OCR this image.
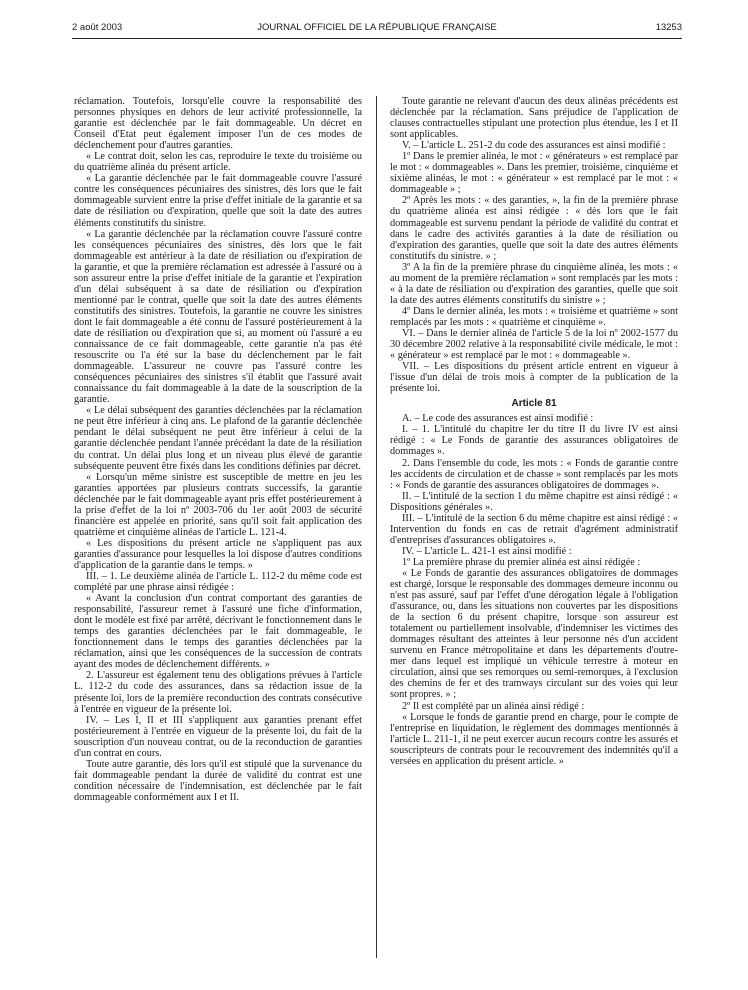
2 août 2003	JOURNAL OFFICIEL DE LA RÉPUBLIQUE FRANÇAISE	13253

réclamation. Toutefois, lorsqu'elle couvre la responsabilité des personnes physiques en dehors de leur activité professionnelle, la garantie est déclenchée par le fait dommageable. Un décret en Conseil d'Etat peut également imposer l'un de ces modes de déclenchement pour d'autres garanties.

« Le contrat doit, selon les cas, reproduire le texte du troisième ou du quatrième alinéa du présent article.

« La garantie déclenchée par le fait dommageable couvre l'assuré contre les conséquences pécuniaires des sinistres, dès lors que le fait dommageable survient entre la prise d'effet initiale de la garantie et sa date de résiliation ou d'expiration, quelle que soit la date des autres éléments constitutifs du sinistre.

« La garantie déclenchée par la réclamation couvre l'assuré contre les conséquences pécuniaires des sinistres, dès lors que le fait dommageable est antérieur à la date de résiliation ou d'expiration de la garantie, et que la première réclamation est adressée à l'assuré ou à son assureur entre la prise d'effet initiale de la garantie et l'expiration d'un délai subséquent à sa date de résiliation ou d'expiration mentionné par le contrat, quelle que soit la date des autres éléments constitutifs des sinistres. Toutefois, la garantie ne couvre les sinistres dont le fait dommageable a été connu de l'assuré postérieurement à la date de résiliation ou d'expiration que si, au moment où l'assuré a eu connaissance de ce fait dommageable, cette garantie n'a pas été resouscrite ou l'a été sur la base du déclenchement par le fait dommageable. L'assureur ne couvre pas l'assuré contre les conséquences pécuniaires des sinistres s'il établit que l'assuré avait connaissance du fait dommageable à la date de la souscription de la garantie.

« Le délai subséquent des garanties déclenchées par la réclamation ne peut être inférieur à cinq ans. Le plafond de la garantie déclenchée pendant le délai subséquent ne peut être inférieur à celui de la garantie déclenchée pendant l'année précédant la date de la résiliation du contrat. Un délai plus long et un niveau plus élevé de garantie subséquente peuvent être fixés dans les conditions définies par décret.

« Lorsqu'un même sinistre est susceptible de mettre en jeu les garanties apportées par plusieurs contrats successifs, la garantie déclenchée par le fait dommageable ayant pris effet postérieurement à la prise d'effet de la loi nº 2003-706 du 1er août 2003 de sécurité financière est appelée en priorité, sans qu'il soit fait application des quatrième et cinquième alinéas de l'article L. 121-4.

« Les dispositions du présent article ne s'appliquent pas aux garanties d'assurance pour lesquelles la loi dispose d'autres conditions d'application de la garantie dans le temps. »

III. – 1. Le deuxième alinéa de l'article L. 112-2 du même code est complété par une phrase ainsi rédigée :

« Avant la conclusion d'un contrat comportant des garanties de responsabilité, l'assureur remet à l'assuré une fiche d'information, dont le modèle est fixé par arrêté, décrivant le fonctionnement dans le temps des garanties déclenchées par le fait dommageable, le fonctionnement dans le temps des garanties déclenchées par la réclamation, ainsi que les conséquences de la succession de contrats ayant des modes de déclenchement différents. »

2. L'assureur est également tenu des obligations prévues à l'article L. 112-2 du code des assurances, dans sa rédaction issue de la présente loi, lors de la première reconduction des contrats consécutive à l'entrée en vigueur de la présente loi.

IV. – Les I, II et III s'appliquent aux garanties prenant effet postérieurement à l'entrée en vigueur de la présente loi, du fait de la souscription d'un nouveau contrat, ou de la reconduction de garanties d'un contrat en cours.

Toute autre garantie, dès lors qu'il est stipulé que la survenance du fait dommageable pendant la durée de validité du contrat est une condition nécessaire de l'indemnisation, est déclenchée par le fait dommageable conformément aux I et II.

Toute garantie ne relevant d'aucun des deux alinéas précédents est déclenchée par la réclamation. Sans préjudice de l'application de clauses contractuelles stipulant une protection plus étendue, les I et II sont applicables.

V. – L'article L. 251-2 du code des assurances est ainsi modifié :

1º Dans le premier alinéa, le mot : « générateurs » est remplacé par le mot : « dommageables ». Dans les premier, troisième, cinquième et sixième alinéas, le mot : « générateur » est remplacé par le mot : « dommageable » ;

2º Après les mots : « des garanties, », la fin de la première phrase du quatrième alinéa est ainsi rédigée : « dès lors que le fait dommageable est survenu pendant la période de validité du contrat et dans le cadre des activités garanties à la date de résiliation ou d'expiration des garanties, quelle que soit la date des autres éléments constitutifs du sinistre. » ;

3º A la fin de la première phrase du cinquième alinéa, les mots : « au moment de la première réclamation » sont remplacés par les mots : « à la date de résiliation ou d'expiration des garanties, quelle que soit la date des autres éléments constitutifs du sinistre » ;

4º Dans le dernier alinéa, les mots : « troisième et quatrième » sont remplacés par les mots : « quatrième et cinquième ».

VI. – Dans le dernier alinéa de l'article 5 de la loi nº 2002-1577 du 30 décembre 2002 relative à la responsabilité civile médicale, le mot : « générateur » est remplacé par le mot : « dommageable ».

VII. – Les dispositions du présent article entrent en vigueur à l'issue d'un délai de trois mois à compter de la publication de la présente loi.

Article 81

A. – Le code des assurances est ainsi modifié :

I. – 1. L'intitulé du chapitre Ier du titre II du livre IV est ainsi rédigé : « Le Fonds de garantie des assurances obligatoires de dommages ».

2. Dans l'ensemble du code, les mots : « Fonds de garantie contre les accidents de circulation et de chasse » sont remplacés par les mots : « Fonds de garantie des assurances obligatoires de dommages ».

II. – L'intitulé de la section 1 du même chapitre est ainsi rédigé : « Dispositions générales ».

III. – L'intitulé de la section 6 du même chapitre est ainsi rédigé : « Intervention du fonds en cas de retrait d'agrément administratif d'entreprises d'assurances obligatoires ».

IV. – L'article L. 421-1 est ainsi modifié :

1º La première phrase du premier alinéa est ainsi rédigée :

« Le Fonds de garantie des assurances obligatoires de dommages est chargé, lorsque le responsable des dommages demeure inconnu ou n'est pas assuré, sauf par l'effet d'une dérogation légale à l'obligation d'assurance, ou, dans les situations non couvertes par les dispositions de la section 6 du présent chapitre, lorsque son assureur est totalement ou partiellement insolvable, d'indemniser les victimes des dommages résultant des atteintes à leur personne nés d'un accident survenu en France métropolitaine et dans les départements d'outre-mer dans lequel est impliqué un véhicule terrestre à moteur en circulation, ainsi que ses remorques ou semi-remorques, à l'exclusion des chemins de fer et des tramways circulant sur des voies qui leur sont propres. » ;

2º Il est complété par un alinéa ainsi rédigé :

« Lorsque le fonds de garantie prend en charge, pour le compte de l'entreprise en liquidation, le règlement des dommages mentionnés à l'article L. 211-1, il ne peut exercer aucun recours contre les assurés et souscripteurs de contrats pour le recouvrement des indemnités qu'il a versées en application du présent article. »
